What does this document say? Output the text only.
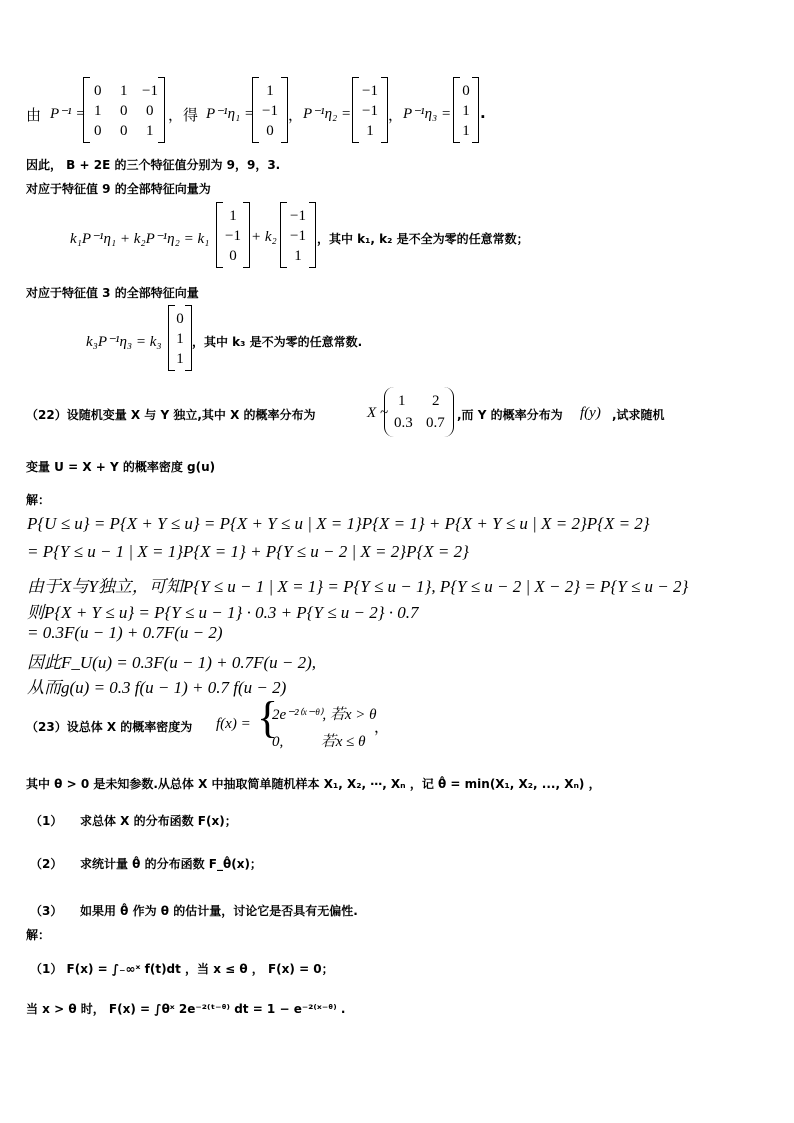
由 P⁻¹ =
0 1 −1
1 0 0
0 0 1
，得 P⁻¹η₁ =
1
−1
0
， P⁻¹η₂ =
−1
−1
1
， P⁻¹η₃ =
0
1
1
.
因此， B + 2E 的三个特征值分别为 9，9，3.
对应于特征值 9 的全部特征向量为
k₁P⁻¹η₁ + k₂P⁻¹η₂ = k₁
1
−1
0
+ k₂
−1
−1
1
，其中 k₁, k₂ 是不全为零的任意常数；
对应于特征值 3 的全部特征向量
k₃P⁻¹η₃ = k₃
0
1
1
，其中 k₃ 是不为零的任意常数.
（22）设随机变量 X 与 Y 独立,其中 X 的概率分布为	X ~
1 2
0.3 0.7 ,而 Y 的概率分布为 f(y) ,试求随机
变量 U = X + Y 的概率密度 g(u)
解：
P{U ≤ u} = P{X + Y ≤ u} = P{X + Y ≤ u | X = 1}P{X = 1} + P{X + Y ≤ u | X = 2}P{X = 2}
= P{Y ≤ u − 1 | X = 1}P{X = 1} + P{Y ≤ u − 2 | X = 2}P{X = 2}
由于X与Y独立，可知P{Y ≤ u − 1 | X = 1} = P{Y ≤ u − 1}, P{Y ≤ u − 2 | X − 2} = P{Y ≤ u − 2}
则P{X + Y ≤ u} = P{Y ≤ u − 1} · 0.3 + P{Y ≤ u − 2} · 0.7
= 0.3F(u − 1) + 0.7F(u − 2)
因此F_U(u) = 0.3F(u − 1) + 0.7F(u − 2),
从而g(u) = 0.3 f(u − 1) + 0.7 f(u − 2)
（23）设总体 X 的概率密度为 f(x) = {
2e⁻²⁽ˣ⁻ᶿ⁾, 若x > θ
0,          若x ≤ θ
，
其中 θ > 0 是未知参数.从总体 X 中抽取简单随机样本 X₁, X₂, ⋯, Xₙ ，记 θ̂ = min(X₁, X₂, ..., Xₙ) ，
（1） 求总体 X 的分布函数 F(x)；
（2） 求统计量 θ̂ 的分布函数 F_θ̂(x)；
（3） 如果用 θ̂ 作为 θ 的估计量，讨论它是否具有无偏性.
解：
（1） F(x) = ∫₋∞ˣ f(t)dt ，当 x ≤ θ ， F(x) = 0；
当 x > θ 时， F(x) = ∫θˣ 2e⁻²⁽ᵗ⁻ᶿ⁾ dt = 1 − e⁻²⁽ˣ⁻ᶿ⁾ .
